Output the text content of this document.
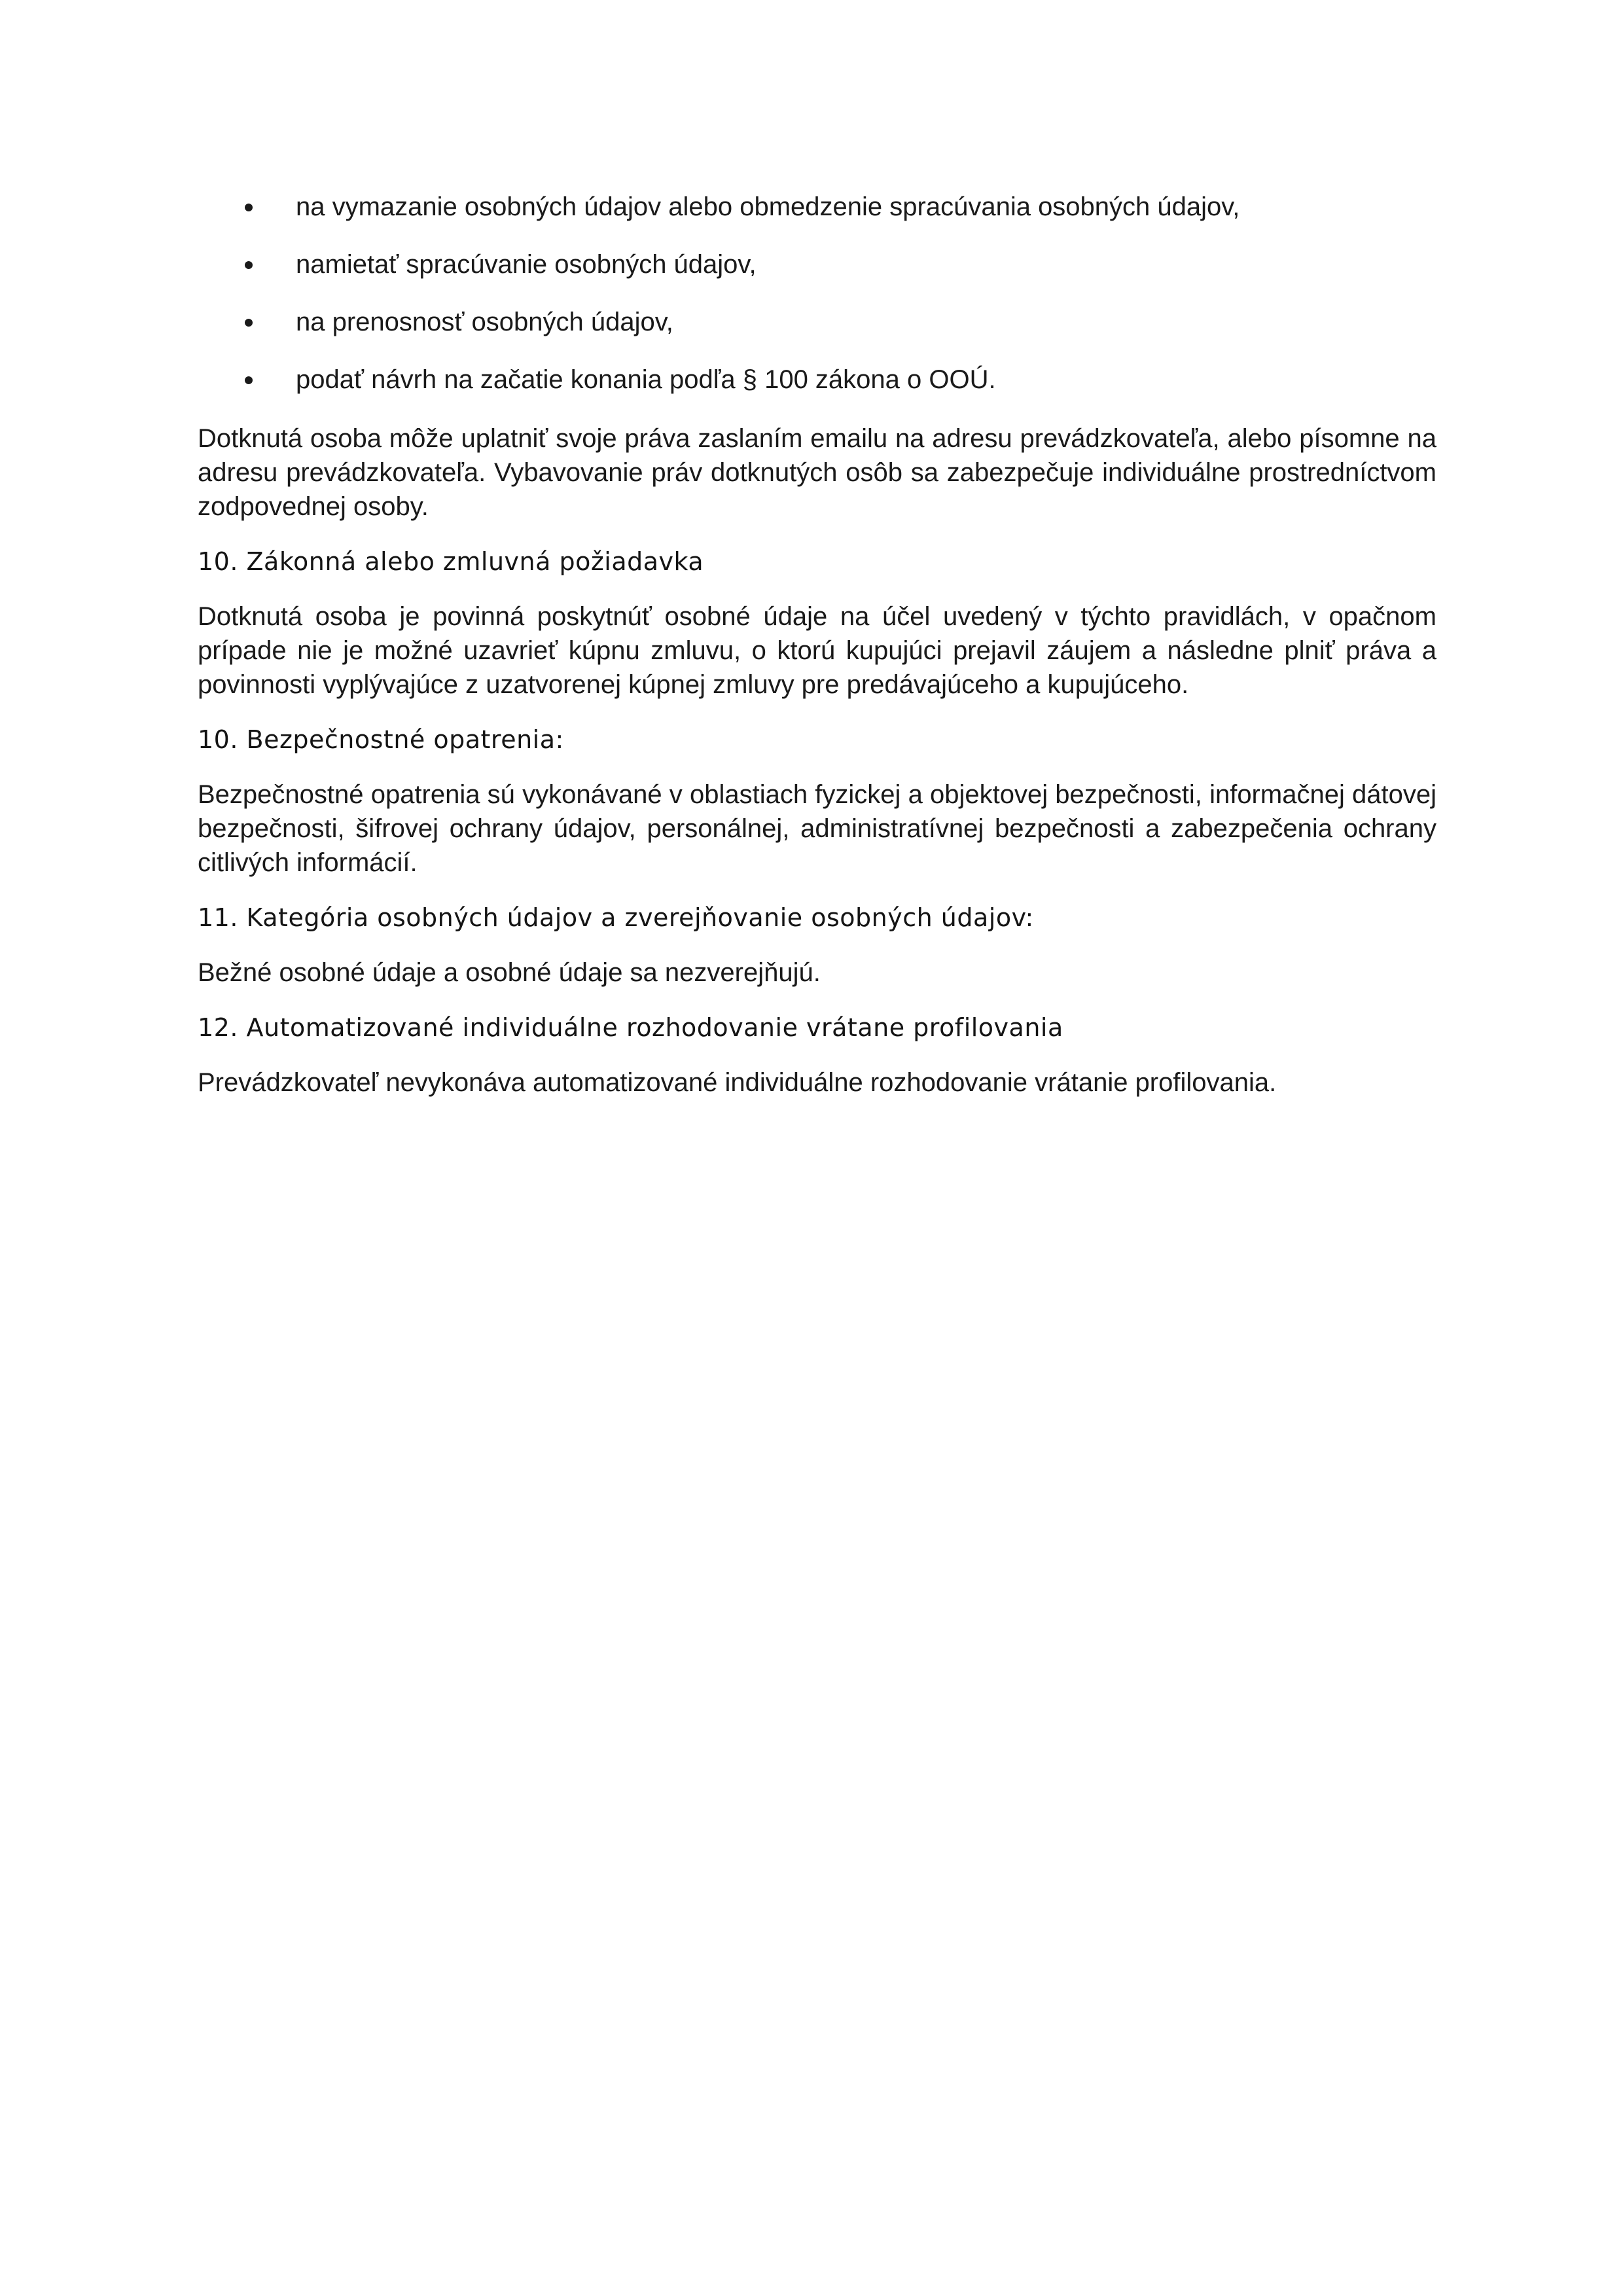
na vymazanie osobných údajov alebo obmedzenie spracúvania osobných údajov,
namietať spracúvanie osobných údajov,
na prenosnosť osobných údajov,
podať návrh na začatie konania podľa § 100 zákona o OOÚ.

Dotknutá osoba môže uplatniť svoje práva zaslaním emailu na adresu prevádzkovateľa, alebo písomne na adresu prevádzkovateľa. Vybavovanie práv dotknutých osôb sa zabezpečuje individuálne prostredníctvom zodpovednej osoby.

10. Zákonná alebo zmluvná požiadavka

Dotknutá osoba je povinná poskytnúť osobné údaje na účel uvedený v týchto pravidlách, v opačnom prípade nie je možné uzavrieť kúpnu zmluvu, o ktorú kupujúci prejavil záujem a následne plniť práva a povinnosti vyplývajúce z uzatvorenej kúpnej zmluvy pre predávajúceho a kupujúceho.

10. Bezpečnostné opatrenia:

Bezpečnostné opatrenia sú vykonávané v oblastiach fyzickej a objektovej bezpečnosti, informačnej dátovej bezpečnosti, šifrovej ochrany údajov, personálnej, administratívnej bezpečnosti a zabezpečenia ochrany citlivých informácií.

11. Kategória osobných údajov a zverejňovanie osobných údajov:

Bežné osobné údaje a osobné údaje sa nezverejňujú.

12. Automatizované individuálne rozhodovanie vrátane profilovania

Prevádzkovateľ nevykonáva automatizované individuálne rozhodovanie vrátanie profilovania.
